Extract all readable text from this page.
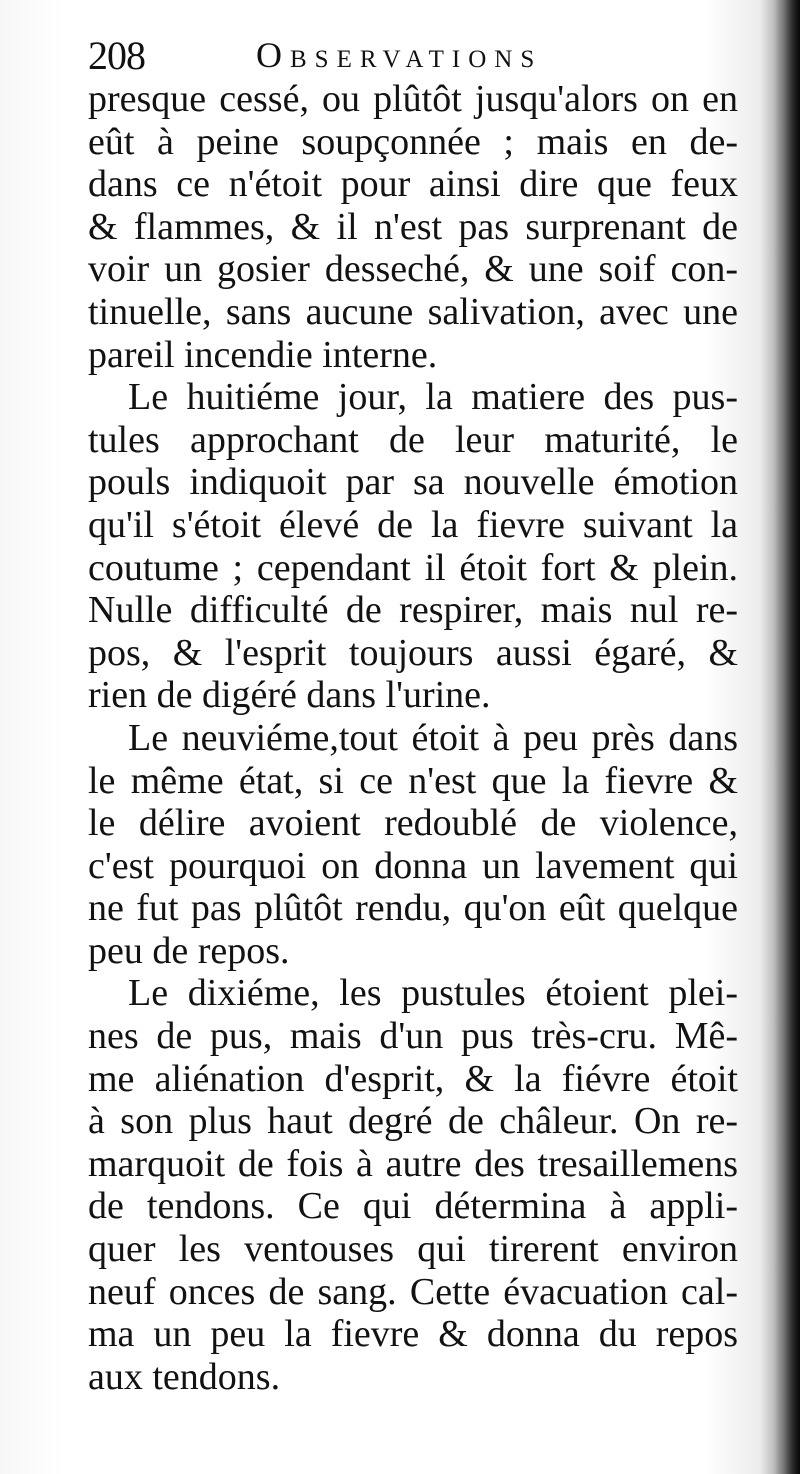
208	Observations
presque cessé, ou plûtôt jusqu'alors on en
eût à peine soupçonnée ; mais en de-
dans ce n'étoit pour ainsi dire que feux
& flammes, & il n'est pas surprenant de
voir un gosier desseché, & une soif con-
tinuelle, sans aucune salivation, avec une
pareil incendie interne.
Le huitiéme jour, la matiere des pus-
tules approchant de leur maturité, le
pouls indiquoit par sa nouvelle émotion
qu'il s'étoit élevé de la fievre suivant la
coutume ; cependant il étoit fort & plein.
Nulle difficulté de respirer, mais nul re-
pos, & l'esprit toujours aussi égaré, &
rien de digéré dans l'urine.
Le neuviéme,tout étoit à peu près dans
le même état, si ce n'est que la fievre &
le délire avoient redoublé de violence,
c'est pourquoi on donna un lavement qui
ne fut pas plûtôt rendu, qu'on eût quelque
peu de repos.
Le dixiéme, les pustules étoient plei-
nes de pus, mais d'un pus très-cru. Mê-
me aliénation d'esprit, & la fiévre étoit
à son plus haut degré de châleur. On re-
marquoit de fois à autre des tresaillemens
de tendons. Ce qui détermina à appli-
quer les ventouses qui tirerent environ
neuf onces de sang. Cette évacuation cal-
ma un peu la fievre & donna du repos
aux tendons.
